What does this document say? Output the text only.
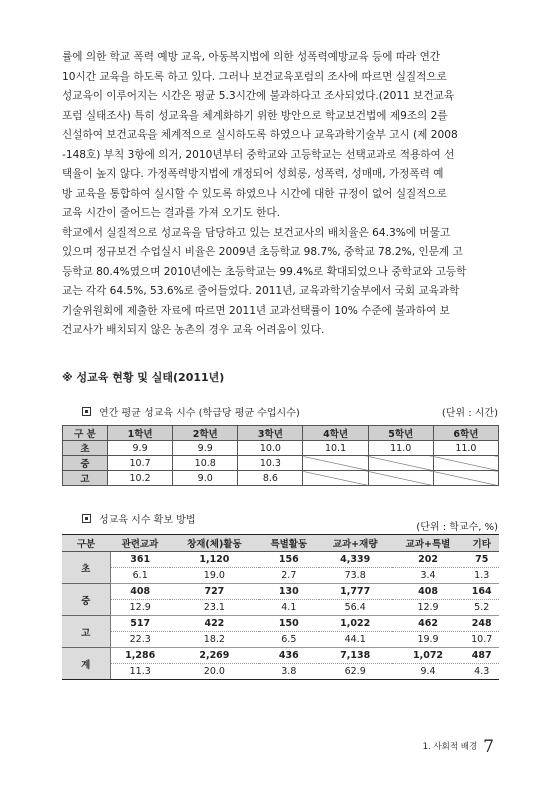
률에 의한 학교 폭력 예방 교육, 아동복지법에 의한 성폭력예방교육 등에 따라 연간
10시간 교육을 하도록 하고 있다. 그러나 보건교육포럼의 조사에 따르면 실질적으로
성교육이 이루어지는 시간은 평균 5.3시간에 불과하다고 조사되었다.(2011 보건교육
포럼 실태조사) 특히 성교육을 체계화하기 위한 방안으로 학교보건법에 제9조의 2를
신설하여 보건교육을 체계적으로 실시하도록 하였으나 교육과학기술부 고시 (제 2008
-148호) 부칙 3항에 의거, 2010년부터 중학교와 고등학교는 선택교과로 적용하여 선
택율이 높지 않다. 가정폭력방지법에 개정되어 성희롱, 성폭력, 성매매, 가정폭력 예
방 교육을 통합하여 실시할 수 있도록 하였으나 시간에 대한 규정이 없어 실질적으로
교육 시간이 줄어드는 결과를 가져 오기도 한다.

학교에서 실질적으로 성교육을 담당하고 있는 보건교사의 배치율은 64.3%에 머물고
있으며 정규보건 수업실시 비율은 2009년 초등학교 98.7%, 중학교 78.2%, 인문계 고
등학교 80.4%였으며 2010년에는 초등학교는 99.4%로 확대되었으나 중학교와 고등학
교는 각각 64.5%, 53.6%로 줄어들었다. 2011년, 교육과학기술부에서 국회 교육과학
기술위원회에 제출한 자료에 따르면 2011년 교과선택률이 10% 수준에 불과하여 보
건교사가 배치되지 않은 농촌의 경우 교육 어려움이 있다.

※ 성교육 현황 및 실태(2011년)
연간 평균 성교육 시수 (학급당 평균 수업시수)	(단위 : 시간)
구 분	1학년	2학년	3학년	4학년	5학년	6학년
초	9.9	9.9	10.0	10.1	11.0	11.0
중	10.7	10.8	10.3			
고	10.2	9.0	8.6			
성교육 시수 확보 방법
(단위 : 학교수, %)
구분	관련교과	창재(체)활동	특별활동	교과+재량	교과+특별	기타
초	361	1,120	156	4,339	202	75
	6.1	19.0	2.7	73.8	3.4	1.3
중	408	727	130	1,777	408	164
	12.9	23.1	4.1	56.4	12.9	5.2
고	517	422	150	1,022	462	248
	22.3	18.2	6.5	44.1	19.9	10.7
계	1,286	2,269	436	7,138	1,072	487
	11.3	20.0	3.8	62.9	9.4	4.3
1. 사회적 배경 7
